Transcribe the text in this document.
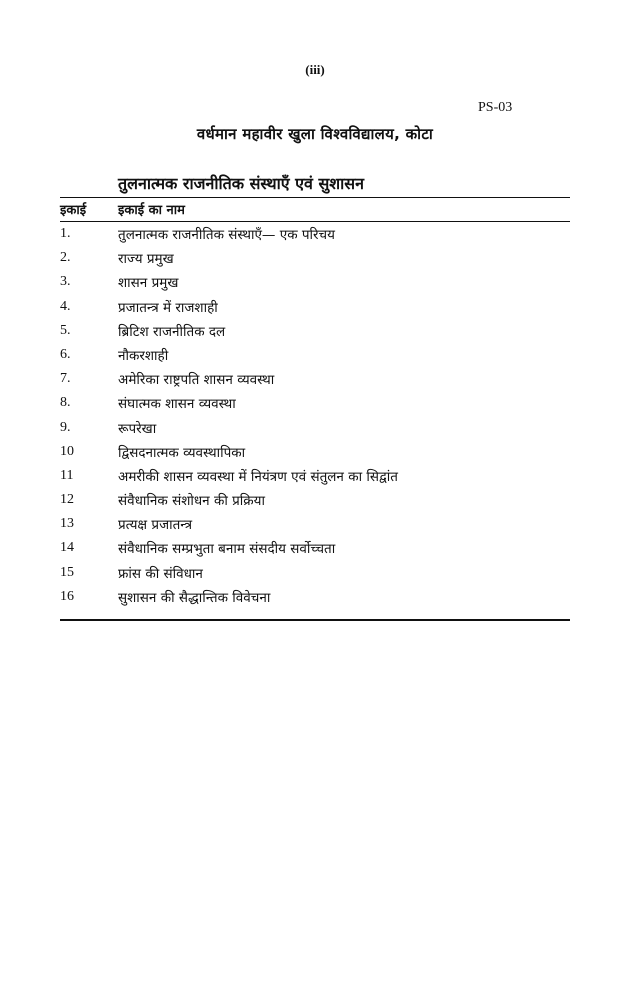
(iii)
PS-03
वर्धमान महावीर खुला विश्वविद्यालय, कोटा
तुलनात्मक राजनीतिक संस्थाएँ एवं सुशासन
इकाई इकाई का नाम
1.	तुलनात्मक राजनीतिक संस्थाएँ— एक परिचय
2.	राज्य प्रमुख
3.	शासन प्रमुख
4.	प्रजातन्त्र में राजशाही
5.	ब्रिटिश राजनीतिक दल
6.	नौकरशाही
7.	अमेरिका राष्ट्रपति शासन व्यवस्था
8.	संघात्मक शासन व्यवस्था
9.	रूपरेखा
10	द्विसदनात्मक व्यवस्थापिका
11	अमरीकी शासन व्यवस्था में नियंत्रण एवं संतुलन का सिद्वांत
12	संवैधानिक संशोधन की प्रक्रिया
13	प्रत्यक्ष प्रजातन्त्र
14	संवैधानिक सम्प्रभुता बनाम संसदीय सर्वोच्चता
15	फ्रांस की संविधान
16	सुशासन की सैद्धान्तिक विवेचना
